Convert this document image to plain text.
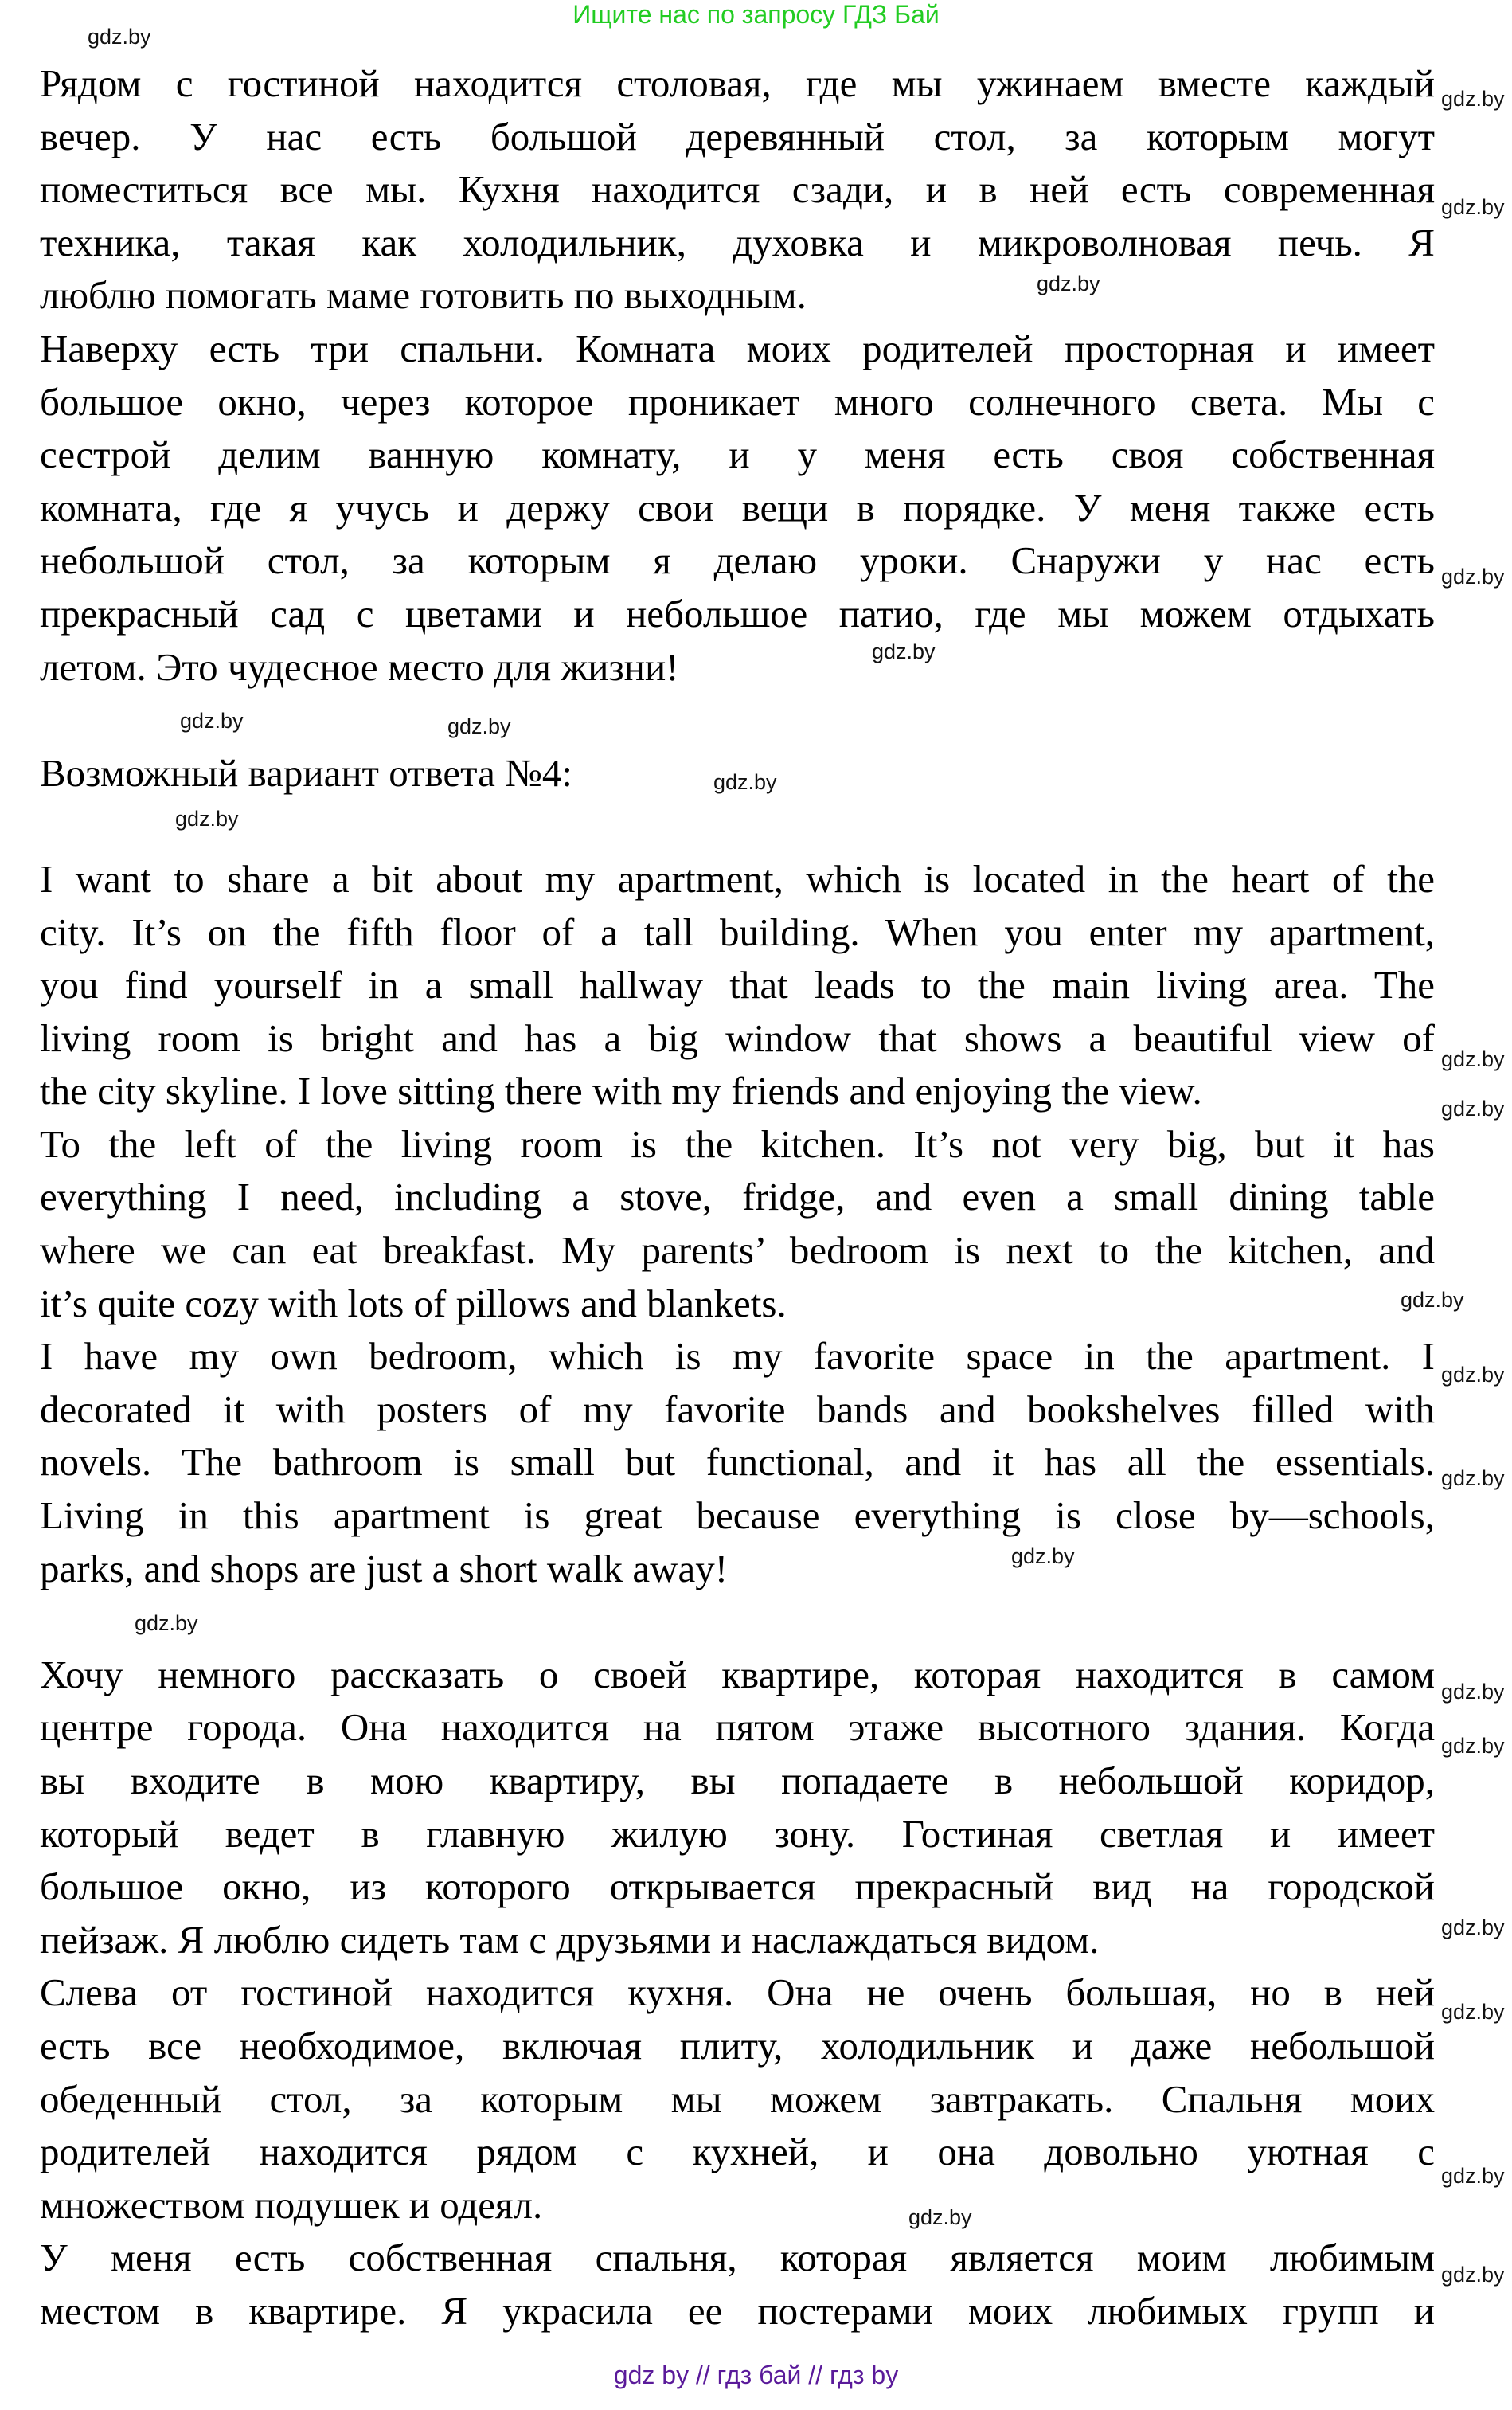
Ищите нас по запросу ГДЗ Бай
Рядом с гостиной находится столовая, где мы ужинаем вместе каждый
вечер. У нас есть большой деревянный стол, за которым могут
поместиться все мы. Кухня находится сзади, и в ней есть современная
техника, такая как холодильник, духовка и микроволновая печь. Я
люблю помогать маме готовить по выходным.
Наверху есть три спальни. Комната моих родителей просторная и имеет
большое окно, через которое проникает много солнечного света. Мы с
сестрой делим ванную комнату, и у меня есть своя собственная
комната, где я учусь и держу свои вещи в порядке. У меня также есть
небольшой стол, за которым я делаю уроки. Снаружи у нас есть
прекрасный сад с цветами и небольшое патио, где мы можем отдыхать
летом. Это чудесное место для жизни!
Возможный вариант ответа №4:
I want to share a bit about my apartment, which is located in the heart of the
city. It’s on the fifth floor of a tall building. When you enter my apartment,
you find yourself in a small hallway that leads to the main living area. The
living room is bright and has a big window that shows a beautiful view of
the city skyline. I love sitting there with my friends and enjoying the view.
To the left of the living room is the kitchen. It’s not very big, but it has
everything I need, including a stove, fridge, and even a small dining table
where we can eat breakfast. My parents’ bedroom is next to the kitchen, and
it’s quite cozy with lots of pillows and blankets.
I have my own bedroom, which is my favorite space in the apartment. I
decorated it with posters of my favorite bands and bookshelves filled with
novels. The bathroom is small but functional, and it has all the essentials.
Living in this apartment is great because everything is close by—schools,
parks, and shops are just a short walk away!
Хочу немного рассказать о своей квартире, которая находится в самом
центре города. Она находится на пятом этаже высотного здания. Когда
вы входите в мою квартиру, вы попадаете в небольшой коридор,
который ведет в главную жилую зону. Гостиная светлая и имеет
большое окно, из которого открывается прекрасный вид на городской
пейзаж. Я люблю сидеть там с друзьями и наслаждаться видом.
Слева от гостиной находится кухня. Она не очень большая, но в ней
есть все необходимое, включая плиту, холодильник и даже небольшой
обеденный стол, за которым мы можем завтракать. Спальня моих
родителей находится рядом с кухней, и она довольно уютная с
множеством подушек и одеял.
У меня есть собственная спальня, которая является моим любимым
местом в квартире. Я украсила ее постерами моих любимых групп и
gdz.by
gdz.by
gdz.by
gdz.by
gdz.by
gdz.by
gdz.by	gdz.by
gdz.by
gdz.by
gdz.by
gdz.by
gdz.by
gdz.by
gdz.by
gdz.by
gdz.by
gdz.by
gdz.by
gdz.by
gdz.by
gdz.by
gdz.by
gdz.by
gdz by // гдз бай // гдз by
